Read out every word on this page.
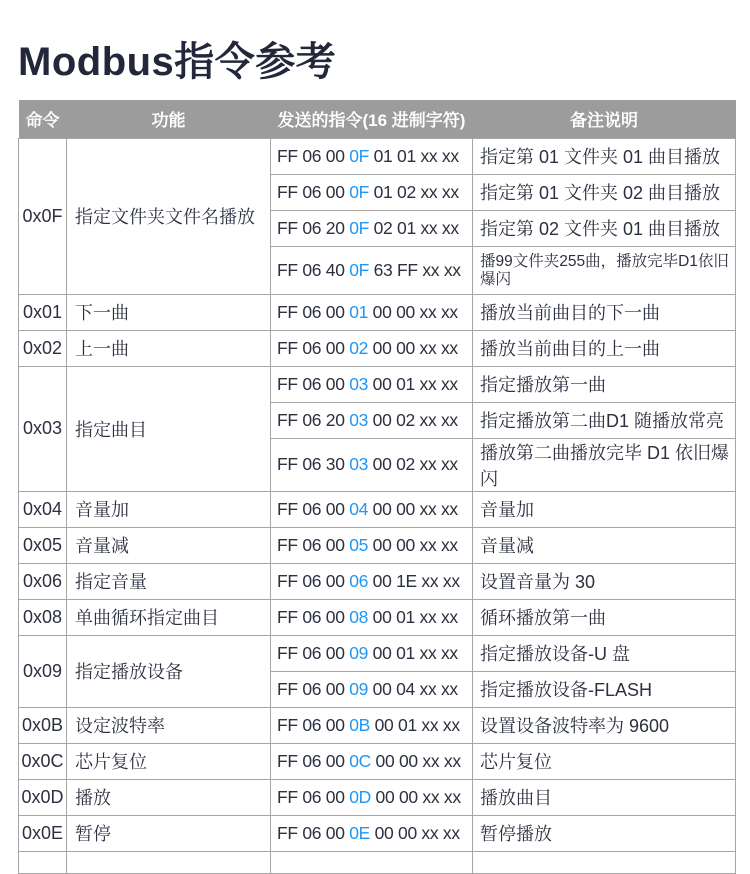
Modbus指令参考
命令	功能	发送的指令(16 进制字符)	备注说明
0x0F	指定文件夹文件名播放	FF 06 00 0F 01 01 xx xx	指定第 01 文件夹 01 曲目播放
		FF 06 00 0F 01 02 xx xx	指定第 01 文件夹 02 曲目播放
		FF 06 20 0F 02 01 xx xx	指定第 02 文件夹 01 曲目播放
		FF 06 40 0F 63 FF xx xx	播99文件夹255曲，播放完毕D1依旧爆闪
0x01	下一曲	FF 06 00 01 00 00 xx xx	播放当前曲目的下一曲
0x02	上一曲	FF 06 00 02 00 00 xx xx	播放当前曲目的上一曲
0x03	指定曲目	FF 06 00 03 00 01 xx xx	指定播放第一曲
		FF 06 20 03 00 02 xx xx	指定播放第二曲D1 随播放常亮
		FF 06 30 03 00 02 xx xx	播放第二曲播放完毕 D1 依旧爆闪
0x04	音量加	FF 06 00 04 00 00 xx xx	音量加
0x05	音量减	FF 06 00 05 00 00 xx xx	音量减
0x06	指定音量	FF 06 00 06 00 1E xx xx	设置音量为 30
0x08	单曲循环指定曲目	FF 06 00 08 00 01 xx xx	循环播放第一曲
0x09	指定播放设备	FF 06 00 09 00 01 xx xx	指定播放设备-U 盘
		FF 06 00 09 00 04 xx xx	指定播放设备-FLASH
0x0B	设定波特率	FF 06 00 0B 00 01 xx xx	设置设备波特率为 9600
0x0C	芯片复位	FF 06 00 0C 00 00 xx xx	芯片复位
0x0D	播放	FF 06 00 0D 00 00 xx xx	播放曲目
0x0E	暂停	FF 06 00 0E 00 00 xx xx	暂停播放
